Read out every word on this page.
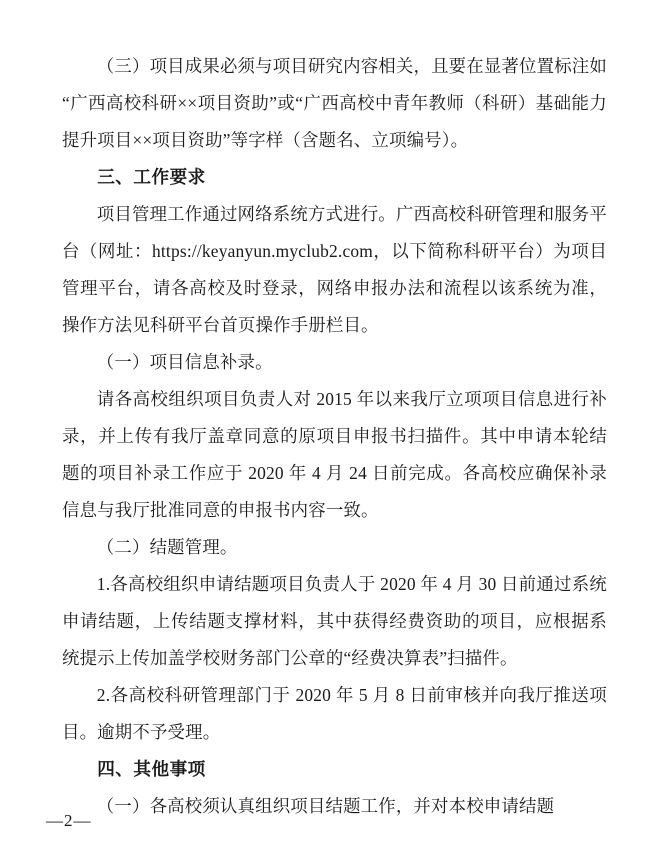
（三）项目成果必须与项目研究内容相关，且要在显著位置标注如“广西高校科研××项目资助”或“广西高校中青年教师（科研）基础能力提升项目××项目资助”等字样（含题名、立项编号）。

三、工作要求

项目管理工作通过网络系统方式进行。广西高校科研管理和服务平台（网址：https://keyanyun.myclub2.com，以下简称科研平台）为项目管理平台，请各高校及时登录，网络申报办法和流程以该系统为准，操作方法见科研平台首页操作手册栏目。

（一）项目信息补录。

请各高校组织项目负责人对 2015 年以来我厅立项项目信息进行补录，并上传有我厅盖章同意的原项目申报书扫描件。其中申请本轮结题的项目补录工作应于 2020 年 4 月 24 日前完成。各高校应确保补录信息与我厅批准同意的申报书内容一致。

（二）结题管理。

1.各高校组织申请结题项目负责人于 2020 年 4 月 30 日前通过系统申请结题，上传结题支撑材料，其中获得经费资助的项目，应根据系统提示上传加盖学校财务部门公章的“经费决算表”扫描件。

2.各高校科研管理部门于 2020 年 5 月 8 日前审核并向我厅推送项目。逾期不予受理。

四、其他事项

（一）各高校须认真组织项目结题工作，并对本校申请结题

—2—
